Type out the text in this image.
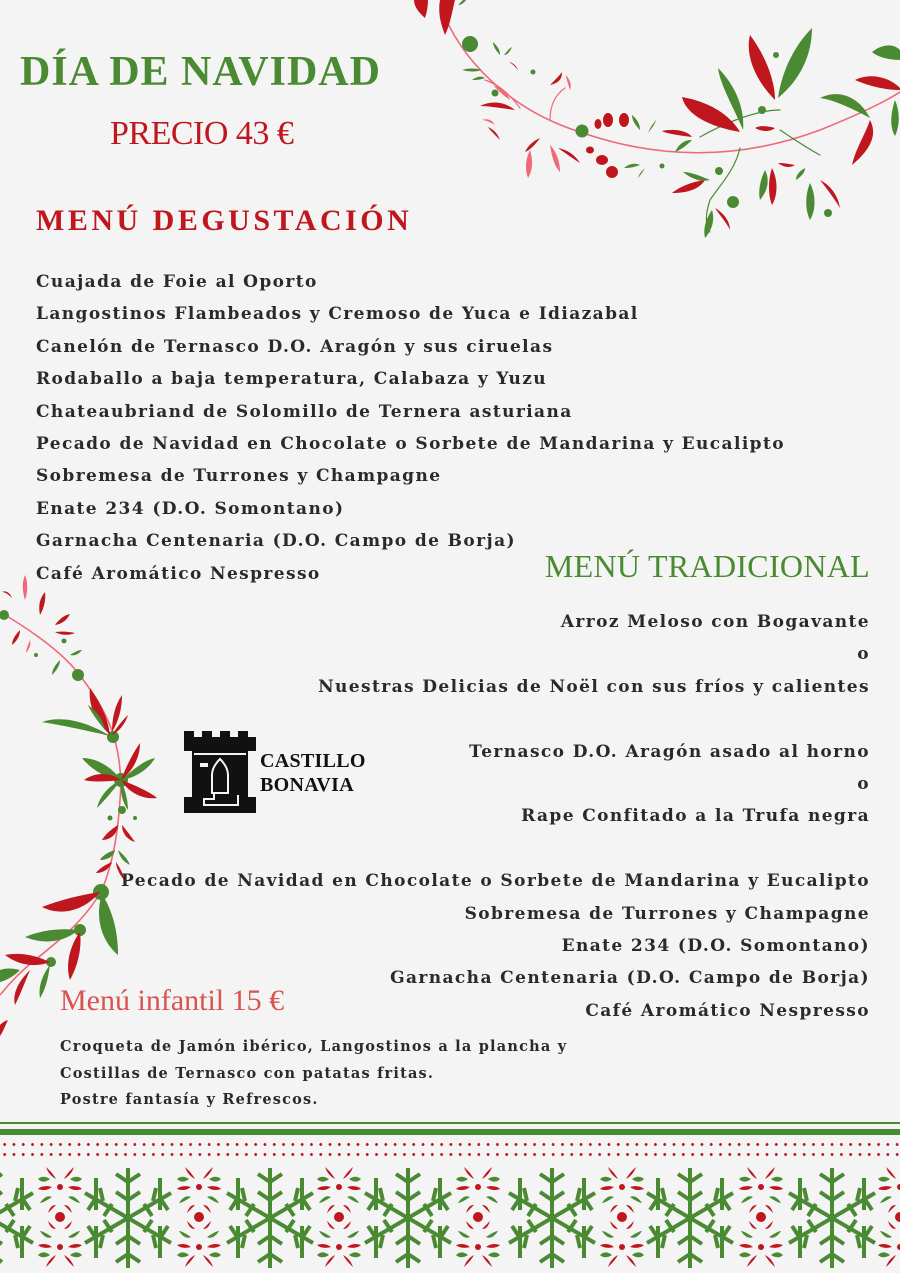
DÍA DE NAVIDAD
PRECIO 43 €
MENÚ DEGUSTACIÓN
Cuajada de Foie al Oporto
Langostinos Flambeados y Cremoso de Yuca e Idiazabal
Canelón de Ternasco D.O. Aragón y sus ciruelas
Rodaballo a baja temperatura, Calabaza y Yuzu
Chateaubriand de Solomillo de Ternera asturiana
Pecado de Navidad en Chocolate o Sorbete de Mandarina y Eucalipto
Sobremesa de Turrones y Champagne
Enate 234 (D.O. Somontano)
Garnacha Centenaria (D.O. Campo de Borja)
Café Aromático Nespresso	MENÚ TRADICIONAL
Arroz Meloso con Bogavante
o
Nuestras Delicias de Noël con sus fríos y calientes
Ternasco D.O. Aragón asado al horno
o
Rape Confitado a la Trufa negra
Pecado de Navidad en Chocolate o Sorbete de Mandarina y Eucalipto
Sobremesa de Turrones y Champagne
Enate 234 (D.O. Somontano)
Garnacha Centenaria (D.O. Campo de Borja)
Café Aromático Nespresso
CASTILLO
BONAVIA
Menú infantil 15 €
Croqueta de Jamón ibérico, Langostinos a la plancha y
Costillas de Ternasco con patatas fritas.
Postre fantasía y Refrescos.
